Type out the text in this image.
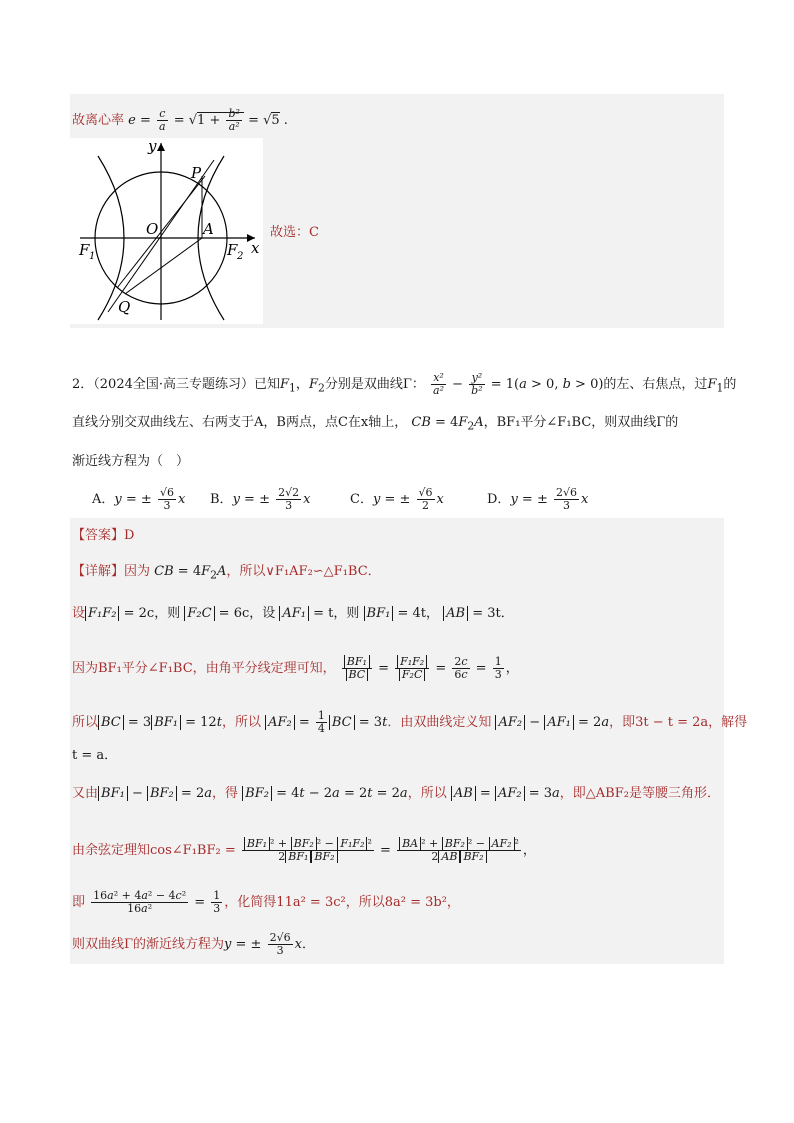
故离心率 $e = \frac{c}{a} = √1 + \frac{\text{b²}}{\text{a²}} = √5$ .
y
P
O	A
F 1	F 2 x
Q
故选：C
2．（2024全国·高三专题练习）已知$F_1$，$F_2$分别是双曲线Γ： $\frac{\text{x²}}{\text{a²}} - \frac{\text{y²}}{\text{b²}} = 1(a > 0$, b > 0)的左、右焦点，过$F_1$的
直线分别交双曲线左、右两支于A，B两点，点C在x轴上， CB = $4F_2A$，BF₁平分∠F₁BC，则双曲线Γ的
渐近线方程为（　）
A．y = ± $\frac{√6}{3}$ x B．y = ± $\frac{2√2}{3}$ x	C．y = ± $\frac{√6}{2}$ x	D．y = ± $\frac{2√6}{3}$ x
【答案】D
【详解】因为 CB = $4F_2A$，所以∨F₁AF₂∽△F₁BC．
设 F₁F₂ = 2c，则 F₂C = 6c，设 AF₁ = t，则 BF₁ = 4t， AB = 3t．
因为BF₁平分∠F₁BC，由角平分线定理可知， $\frac{\text{BF₁}}{BC} = \frac{\text{F₁F₂}}{\text{F₂C}} = \frac{2c}{6c} = \frac{1}{3}$ ，
所以 BC = 3 BF₁ = 12t，所以 $AF_2 = \frac{1}{4}$ BC = 3t．由双曲线定义知 AF₂ − AF₁ = 2a，即3t − t = 2a，解得
t = a．
又由 BF₁ − BF₂ = 2a，得 BF₂ = 4t − 2a = 2t = 2a，所以 AB = AF₂ = 3a，即△ABF₂是等腰三角形．
由余弦定理知cos∠F₁BF₂ = $\frac{\text{BF₁ ² + BF₂ ² − F₁F₂ ²}}{\text{2 BF₁ BF₂}} = \frac{\text{BA ² + BF₂ ² − AF₂ ²}}{\text{2 AB BF₂}}$ ，
即 $\frac{\text{16a² + 4a² − 4c²}}{\text{16a²}} = \frac{1}{3}$ ，化简得11a² = 3c²，所以8a² = 3b²，
则双曲线Γ的渐近线方程为y = ± $\frac{2√6}{3}$ x．
